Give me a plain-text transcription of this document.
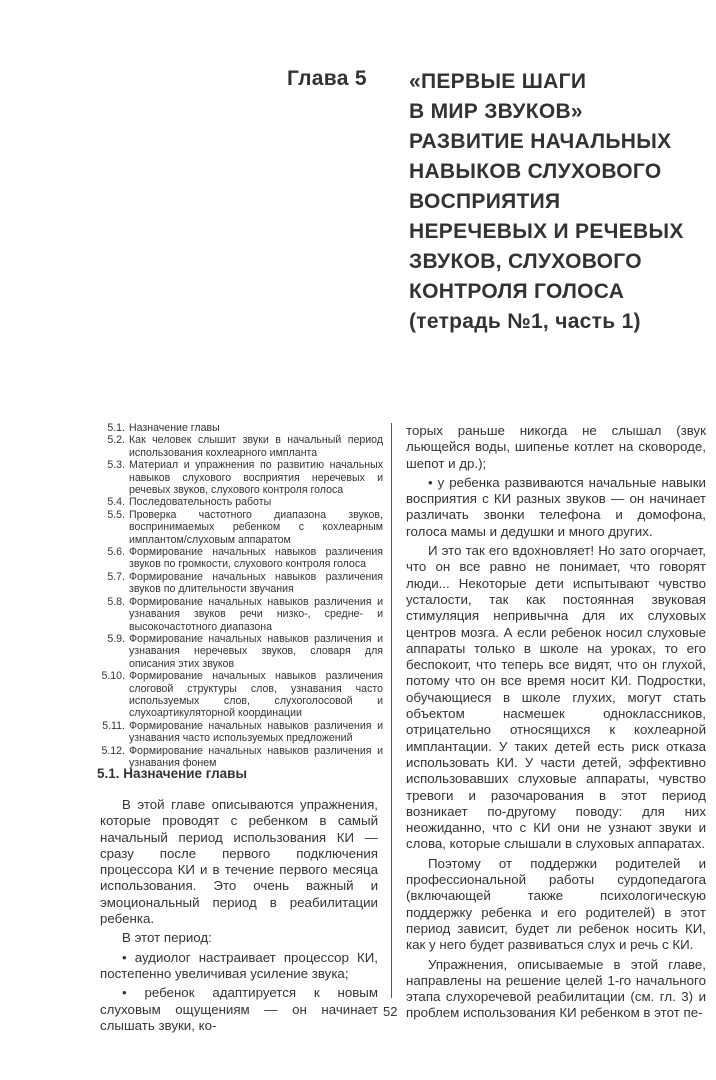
Глава 5 «ПЕРВЫЕ ШАГИ
В МИР ЗВУКОВ»
РАЗВИТИЕ НАЧАЛЬНЫХ
НАВЫКОВ СЛУХОВОГО
ВОСПРИЯТИЯ
НЕРЕЧЕВЫХ И РЕЧЕВЫХ
ЗВУКОВ, СЛУХОВОГО
КОНТРОЛЯ ГОЛОСА
(тетрадь №1, часть 1)
5.1. Назначение главы
5.2. Как человек слышит звуки в начальный период использования кохлеарного импланта
5.3. Материал и упражнения по развитию начальных навыков слухового восприятия неречевых и речевых звуков, слухового контроля голоса
5.4. Последовательность работы
5.5. Проверка частотного диапазона звуков, воспринимаемых ребенком с кохлеарным имплантом/слуховым аппаратом
5.6. Формирование начальных навыков различения звуков по громкости, слухового контроля голоса
5.7. Формирование начальных навыков различения звуков по длительности звучания
5.8. Формирование начальных навыков различения и узнавания звуков речи низко-, средне- и высокочастотного диапазона
5.9. Формирование начальных навыков различения и узнавания неречевых звуков, словаря для описания этих звуков
5.10. Формирование начальных навыков различения слоговой структуры слов, узнавания часто используемых слов, слухоголосовой и слухоартикуляторной координации
5.11. Формирование начальных навыков различения и узнавания часто используемых предложений
5.12. Формирование начальных навыков различения и узнавания фонем
5.1. Назначение главы

В этой главе описываются упражнения, которые проводят с ребенком в самый начальный период использования КИ — сразу после первого подключения процессора КИ и в течение первого месяца использования. Это очень важный и эмоциональный период в реабилитации ребенка.

В этот период:

• аудиолог настраивает процессор КИ, постепенно увеличивая усиление звука;

• ребенок адаптируется к новым слуховым ощущениям — он начинает слышать звуки, ко-

торых раньше никогда не слышал (звук льющейся воды, шипенье котлет на сковороде, шепот и др.);

• у ребенка развиваются начальные навыки восприятия с КИ разных звуков — он начинает различать звонки телефона и домофона, голоса мамы и дедушки и много других.

И это так его вдохновляет! Но зато огорчает, что он все равно не понимает, что говорят люди... Некоторые дети испытывают чувство усталости, так как постоянная звуковая стимуляция непривычна для их слуховых центров мозга. А если ребенок носил слуховые аппараты только в школе на уроках, то его беспокоит, что теперь все видят, что он глухой, потому что он все время носит КИ. Подростки, обучающиеся в школе глухих, могут стать объектом насмешек одноклассников, отрицательно относящихся к кохлеарной имплантации. У таких детей есть риск отказа использовать КИ. У части детей, эффективно использовавших слуховые аппараты, чувство тревоги и разочарования в этот период возникает по-другому поводу: для них неожиданно, что с КИ они не узнают звуки и слова, которые слышали в слуховых аппаратах.

Поэтому от поддержки родителей и профессиональной работы сурдопедагога (включающей также психологическую поддержку ребенка и его родителей) в этот период зависит, будет ли ребенок носить КИ, как у него будет развиваться слух и речь с КИ.

Упражнения, описываемые в этой главе, направлены на решение целей 1-го начального этапа слухоречевой реабилитации (см. гл. 3) и проблем использования КИ ребенком в этот пе-

52
